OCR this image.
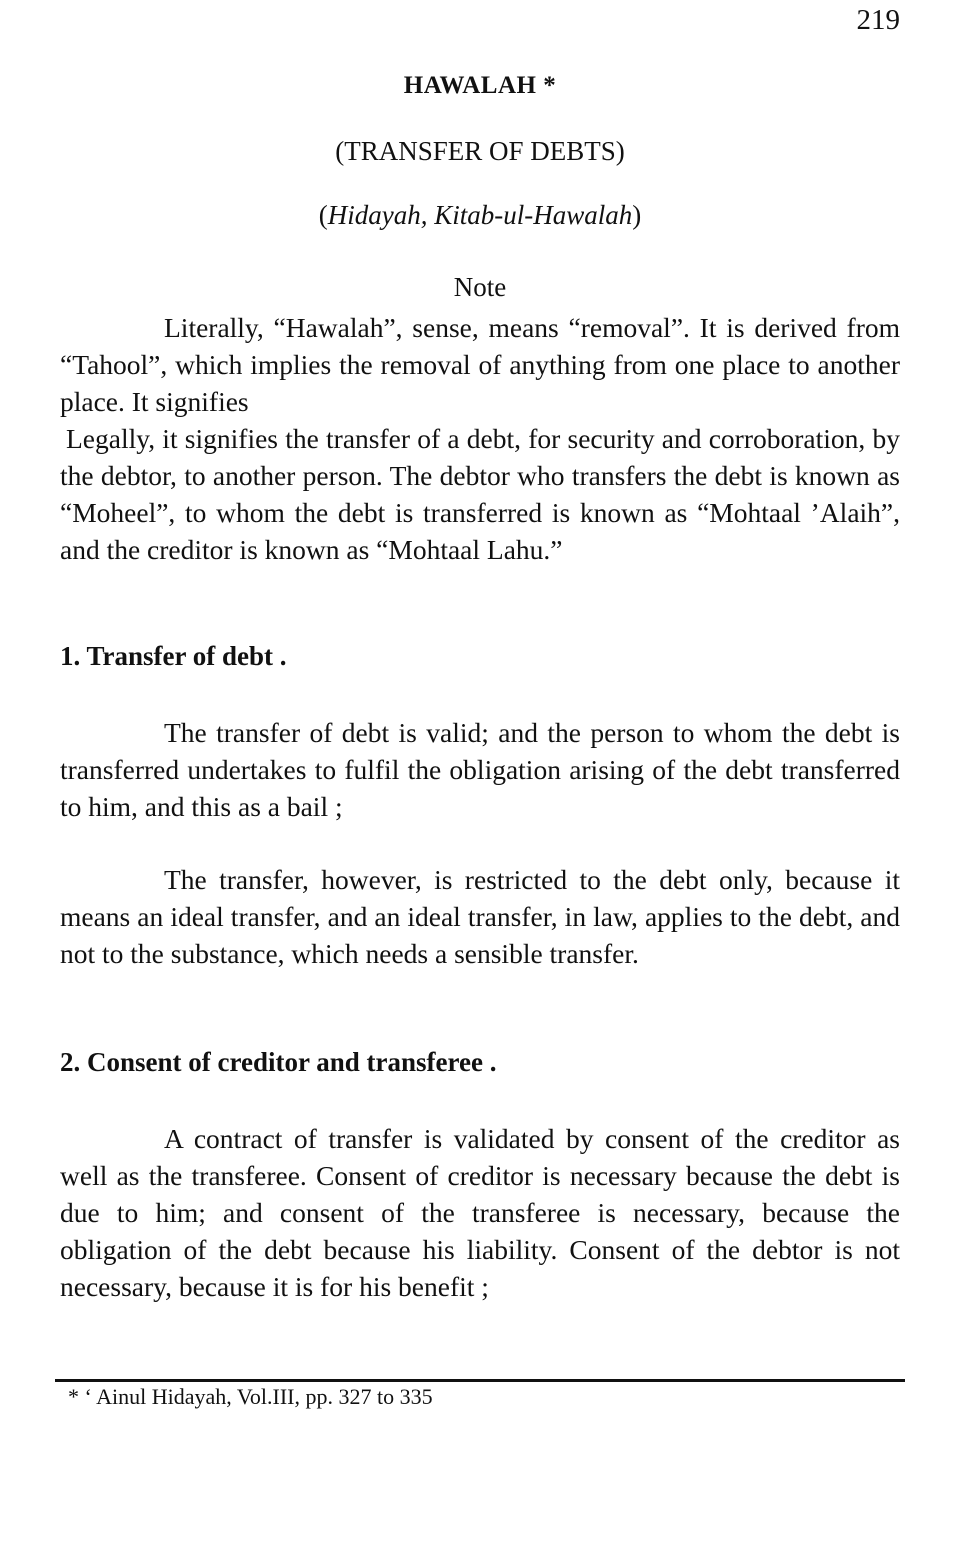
219
HAWALAH *
(TRANSFER OF DEBTS)
(Hidayah, Kitab-ul-Hawalah)
Note

Literally, “Hawalah”, sense, means “removal”. It is derived from “Tahool”, which implies the removal of anything from one place to another place. It signifies

Legally, it signifies the transfer of a debt, for security and corroboration, by the debtor, to another person. The debtor who transfers the debt is known as “Moheel”, to whom the debt is transferred is known as “Mohtaal ’Alaih”, and the creditor is known as “Mohtaal Lahu.”

1. Transfer of debt .

The transfer of debt is valid; and the person to whom the debt is transferred undertakes to fulfil the obligation arising of the debt transferred to him, and this as a bail ;

The transfer, however, is restricted to the debt only, because it means an ideal transfer, and an ideal transfer, in law, applies to the debt, and not to the substance, which needs a sensible transfer.

2. Consent of creditor and transferee .

A contract of transfer is validated by consent of the creditor as well as the transferee. Consent of creditor is necessary because the debt is due to him; and consent of the transferee is necessary, because the obligation of the debt because his liability. Consent of the debtor is not necessary, because it is for his benefit ;

* ‘ Ainul Hidayah, Vol.III, pp. 327 to 335
